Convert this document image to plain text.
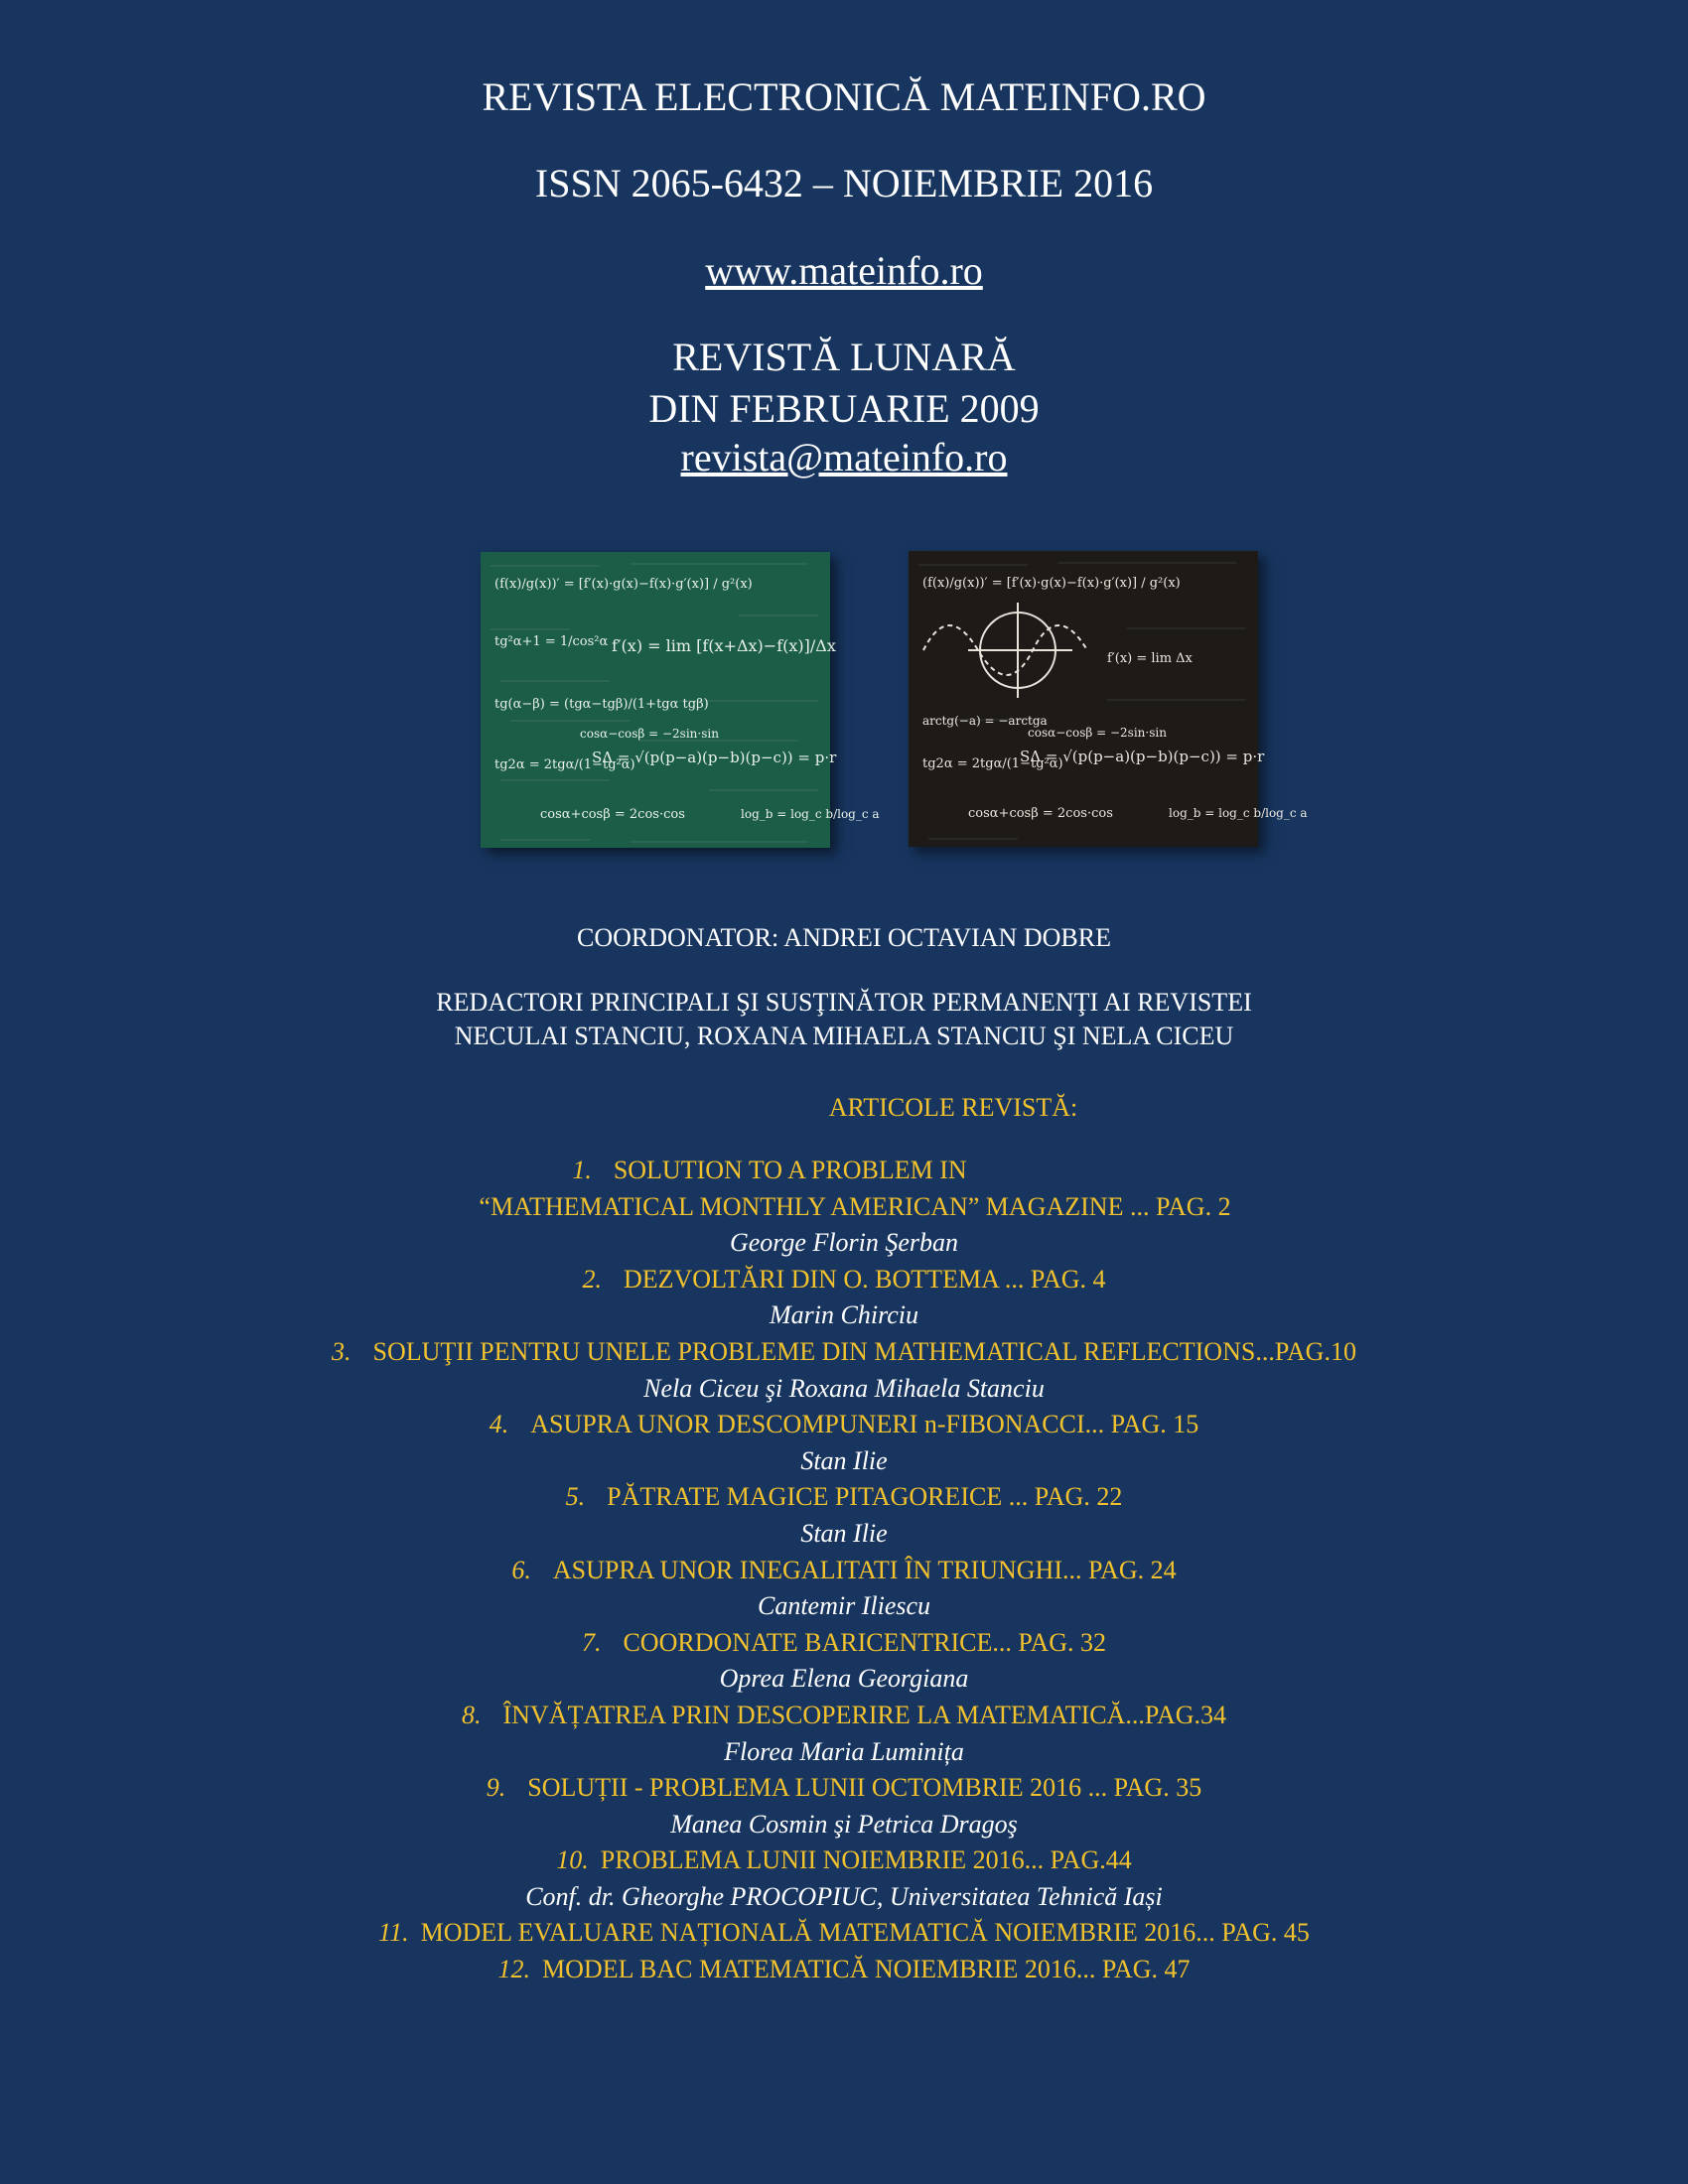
REVISTA ELECTRONICĂ MATEINFO.RO
ISSN 2065-6432 – NOIEMBRIE 2016
www.mateinfo.ro
REVISTĂ LUNARĂ
DIN FEBRUARIE 2009
revista@mateinfo.ro
(f(x)/g(x))′ = [f′(x)·g(x)−f(x)·g′(x)] / g²(x)
tg²α+1 = 1/cos²α f′(x) = lim [f(x+Δx)−f(x)]/Δx
tg(α−β) = (tgα−tgβ)/(1+tgα tgβ)
cosα−cosβ = −2sin·sin
tg2α = 2tgα/(1−tg²α)
SΔ = √(p(p−a)(p−b)(p−c)) = p·r
cosα+cosβ = 2cos·cos	log_b = log_c b/log_c a
(f(x)/g(x))′ = [f′(x)·g(x)−f(x)·g′(x)] / g²(x)
f′(x) = lim Δx
arctg(−a) = −arctga
cosα−cosβ = −2sin·sin
tg2α = 2tgα/(1−tg²α)
SΔ = √(p(p−a)(p−b)(p−c)) = p·r
cosα+cosβ = 2cos·cos	log_b = log_c b/log_c a
COORDONATOR: ANDREI OCTAVIAN DOBRE
REDACTORI PRINCIPALI ŞI SUSŢINĂTOR PERMANENŢI AI REVISTEI
NECULAI STANCIU, ROXANA MIHAELA STANCIU ŞI NELA CICEU
ARTICOLE REVISTĂ:
1. SOLUTION TO A PROBLEM IN
“MATHEMATICAL MONTHLY AMERICAN” MAGAZINE ... PAG. 2
George Florin Şerban
2. DEZVOLTĂRI DIN O. BOTTEMA ... PAG. 4
Marin Chirciu
3. SOLUŢII PENTRU UNELE PROBLEME DIN MATHEMATICAL REFLECTIONS...PAG.10
Nela Ciceu şi Roxana Mihaela Stanciu
4. ASUPRA UNOR DESCOMPUNERI n-FIBONACCI... PAG. 15
Stan Ilie
5. PĂTRATE MAGICE PITAGOREICE ... PAG. 22
Stan Ilie
6. ASUPRA UNOR INEGALITATI ÎN TRIUNGHI... PAG. 24
Cantemir Iliescu
7. COORDONATE BARICENTRICE... PAG. 32
Oprea Elena Georgiana
8. ÎNVĂȚATREA PRIN DESCOPERIRE LA MATEMATICĂ...PAG.34
Florea Maria Luminița
9. SOLUȚII - PROBLEMA LUNII OCTOMBRIE 2016 ... PAG. 35
Manea Cosmin şi Petrica Dragoş
10. PROBLEMA LUNII NOIEMBRIE 2016... PAG.44
Conf. dr. Gheorghe PROCOPIUC, Universitatea Tehnică Iași
11. MODEL EVALUARE NAȚIONALĂ MATEMATICĂ NOIEMBRIE 2016... PAG. 45
12. MODEL BAC MATEMATICĂ NOIEMBRIE 2016... PAG. 47
